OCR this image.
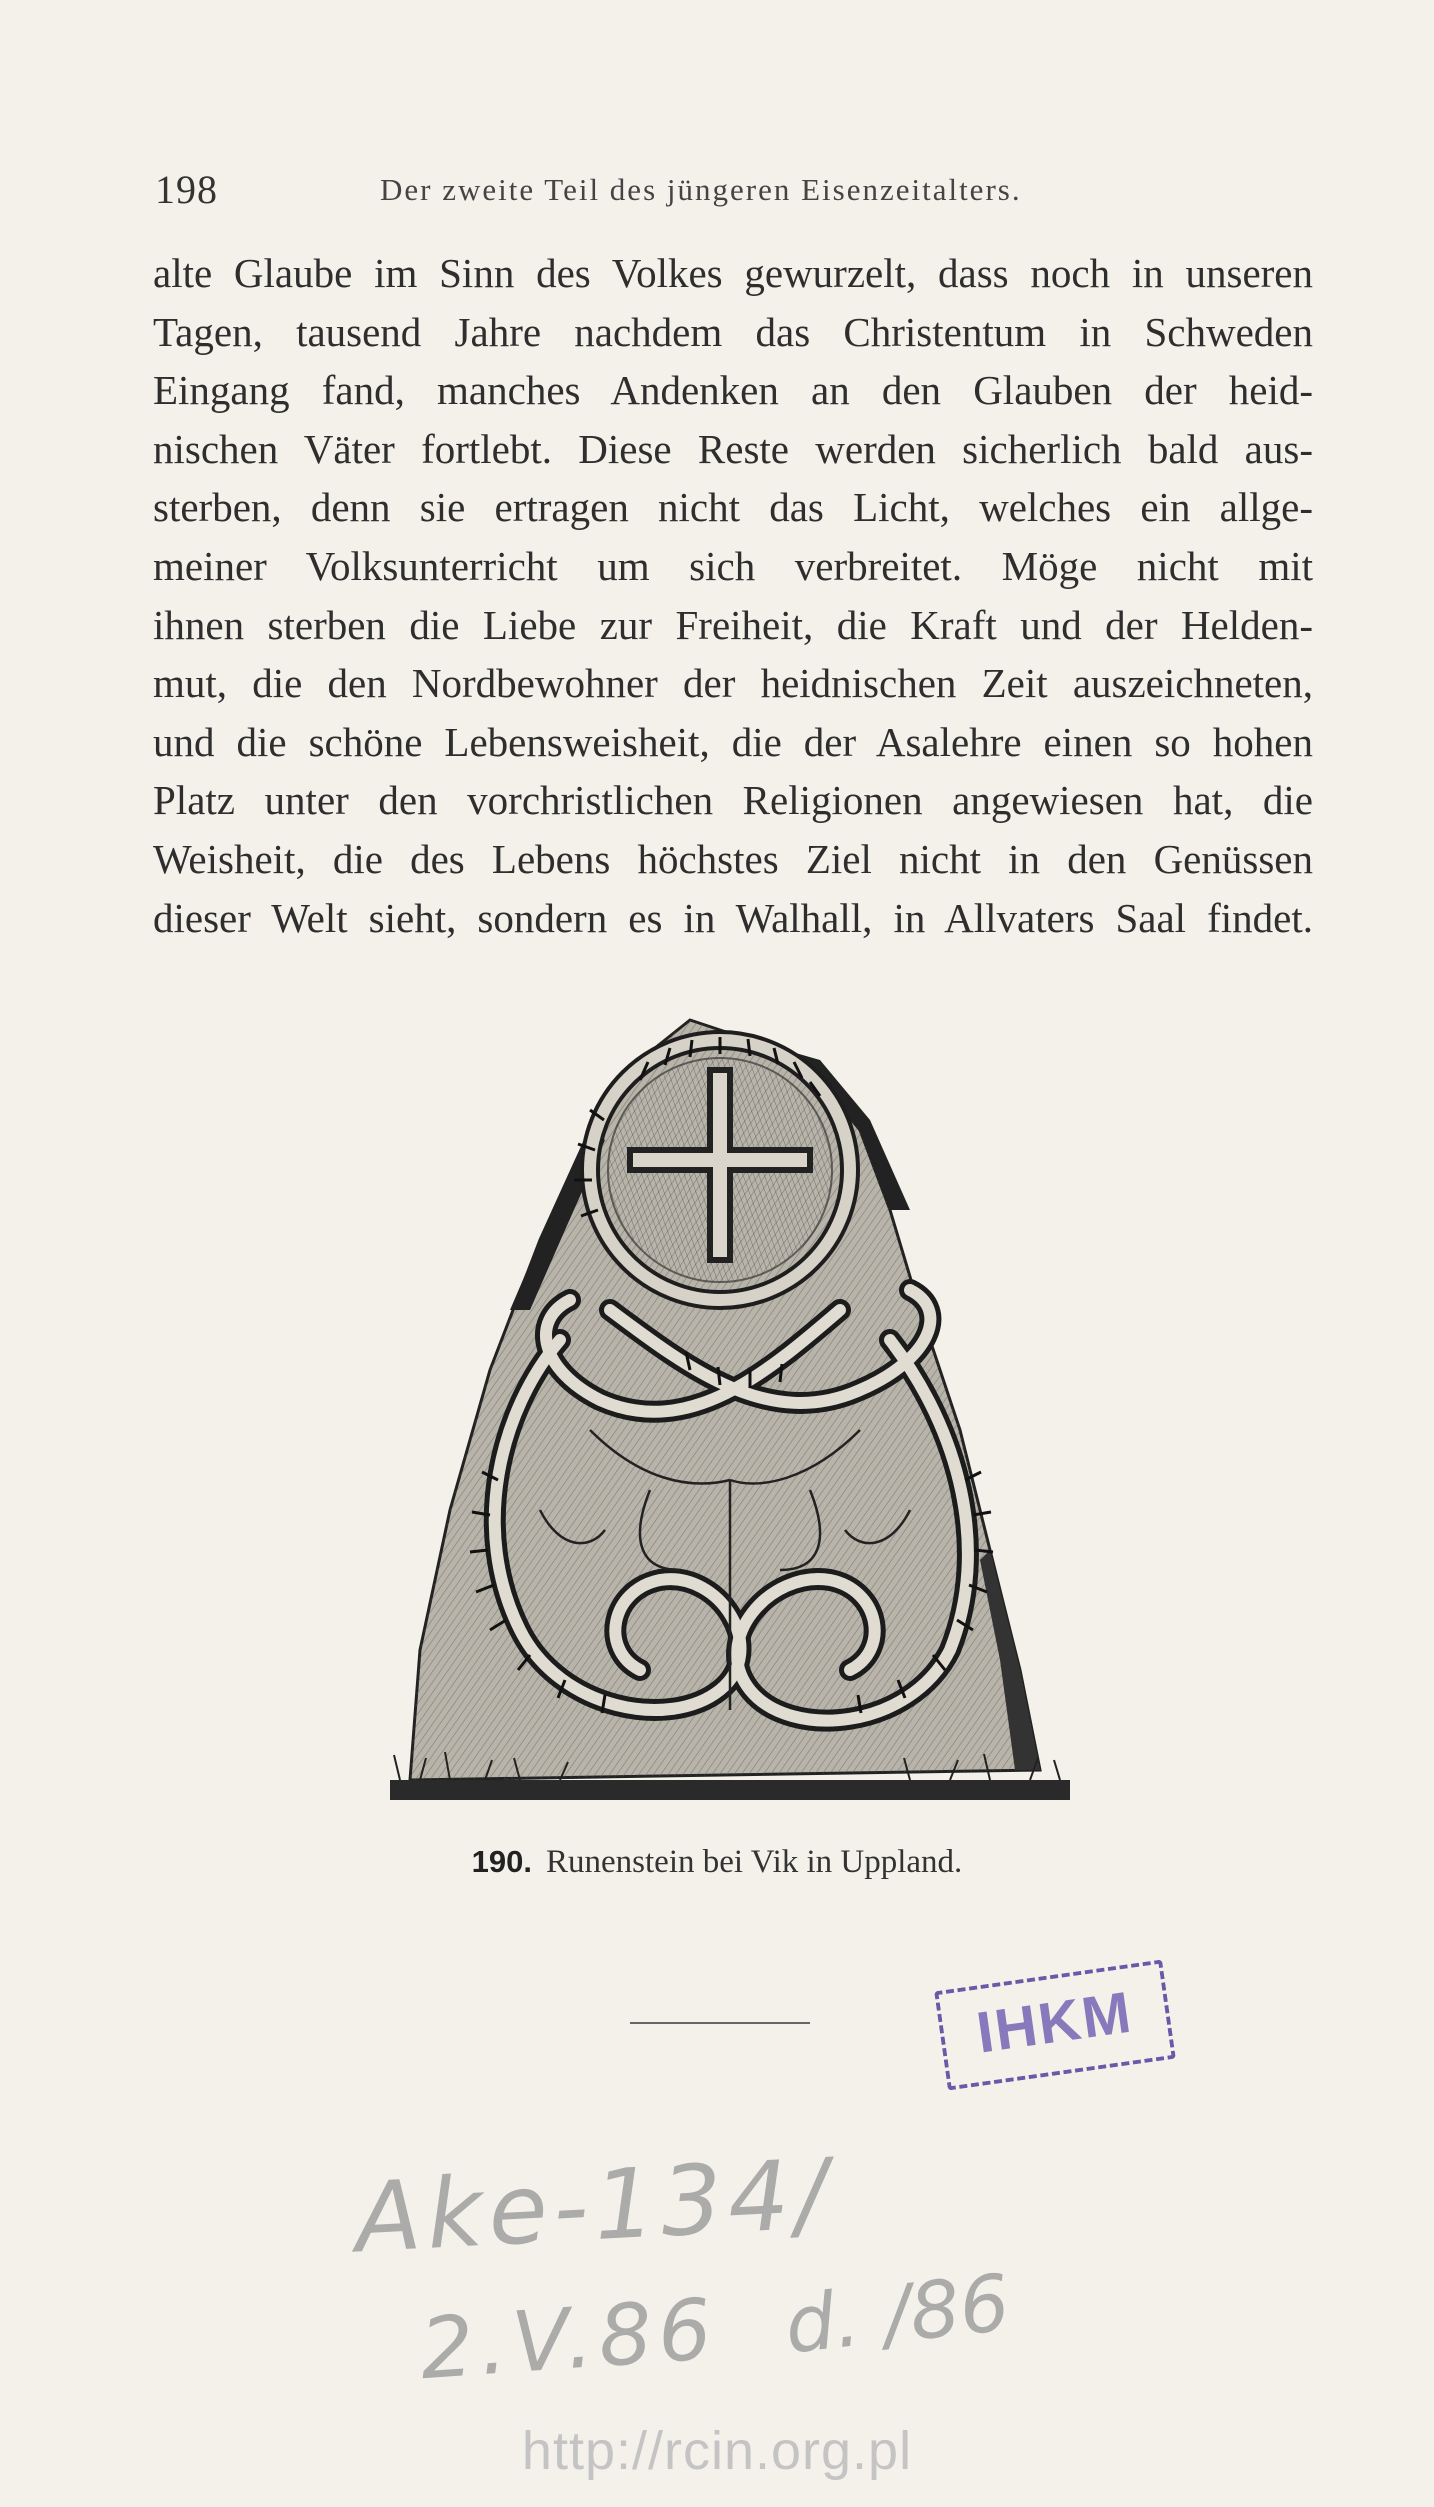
198	Der zweite Teil des jüngeren Eisenzeitalters.
alte Glaube im Sinn des Volkes gewurzelt, dass noch in unseren
Tagen, tausend Jahre nachdem das Christentum in Schweden
Eingang fand, manches Andenken an den Glauben der heid-
nischen Väter fortlebt. Diese Reste werden sicherlich bald aus-
sterben, denn sie ertragen nicht das Licht, welches ein allge-
meiner Volksunterricht um sich verbreitet. Möge nicht mit
ihnen sterben die Liebe zur Freiheit, die Kraft und der Helden-
mut, die den Nordbewohner der heidnischen Zeit auszeichneten,
und die schöne Lebensweisheit, die der Asalehre einen so hohen
Platz unter den vorchristlichen Religionen angewiesen hat, die
Weisheit, die des Lebens höchstes Ziel nicht in den Genüssen
dieser Welt sieht, sondern es in Walhall, in Allvaters Saal findet.
190. Runenstein bei Vik in Uppland.
IHKM
Ake-134/
2.V.86 d. /86
http://rcin.org.pl
